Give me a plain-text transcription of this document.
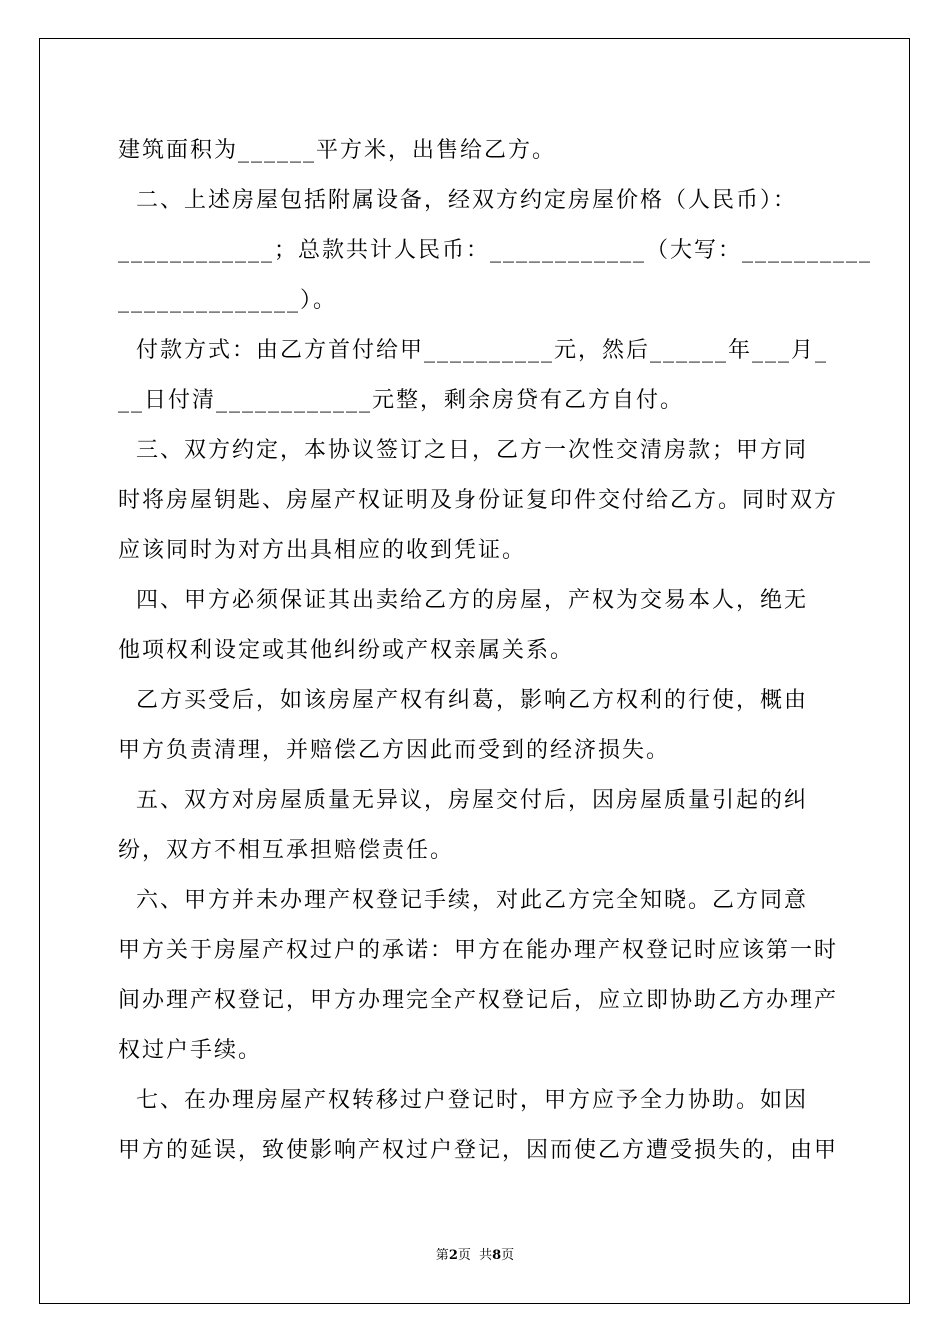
建筑面积为______平方米，出售给乙方。
二、上述房屋包括附属设备，经双方约定房屋价格（人民币）：
____________；总款共计人民币：____________（大写：__________
______________）。
付款方式：由乙方首付给甲__________元，然后______年___月_
__日付清____________元整，剩余房贷有乙方自付。
三、双方约定，本协议签订之日，乙方一次性交清房款；甲方同
时将房屋钥匙、房屋产权证明及身份证复印件交付给乙方。同时双方
应该同时为对方出具相应的收到凭证。
四、甲方必须保证其出卖给乙方的房屋，产权为交易本人，绝无
他项权利设定或其他纠纷或产权亲属关系。
乙方买受后，如该房屋产权有纠葛，影响乙方权利的行使，概由
甲方负责清理，并赔偿乙方因此而受到的经济损失。
五、双方对房屋质量无异议，房屋交付后，因房屋质量引起的纠
纷，双方不相互承担赔偿责任。
六、甲方并未办理产权登记手续，对此乙方完全知晓。乙方同意
甲方关于房屋产权过户的承诺：甲方在能办理产权登记时应该第一时
间办理产权登记，甲方办理完全产权登记后，应立即协助乙方办理产
权过户手续。
七、在办理房屋产权转移过户登记时，甲方应予全力协助。如因
甲方的延误，致使影响产权过户登记，因而使乙方遭受损失的，由甲
第2页  共8页
